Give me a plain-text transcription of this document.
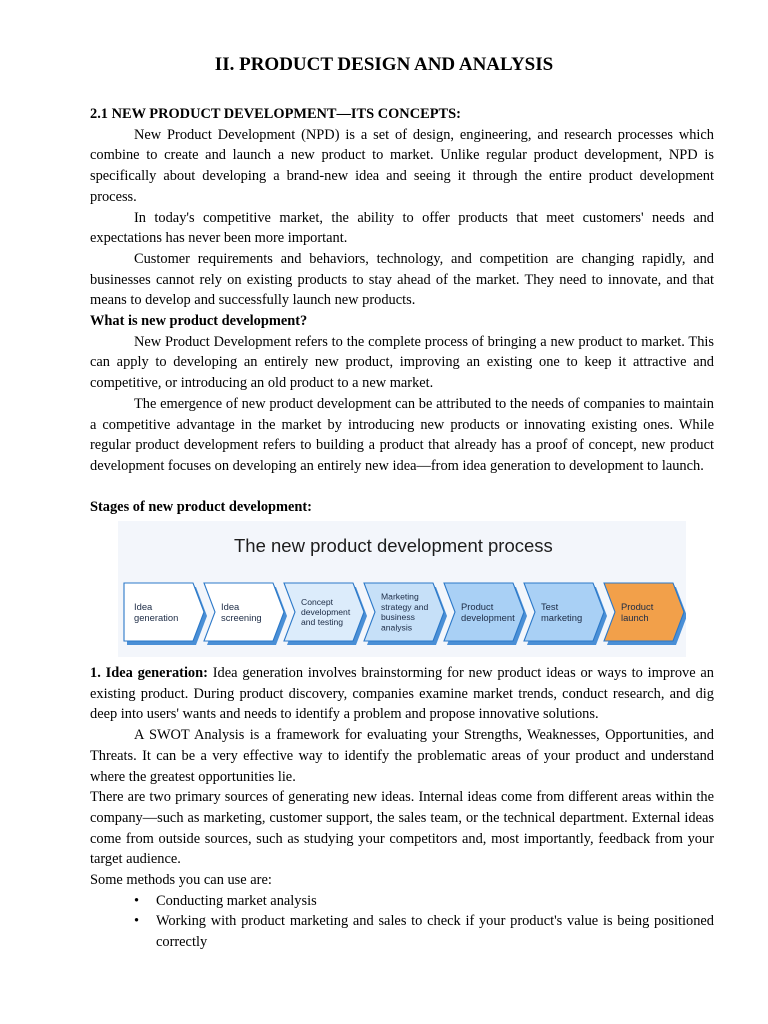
II. PRODUCT DESIGN AND ANALYSIS

2.1 NEW PRODUCT DEVELOPMENT—ITS CONCEPTS:

New Product Development (NPD) is a set of design, engineering, and research processes which combine to create and launch a new product to market. Unlike regular product development, NPD is specifically about developing a brand-new idea and seeing it through the entire product development process.

In today's competitive market, the ability to offer products that meet customers' needs and expectations has never been more important.

Customer requirements and behaviors, technology, and competition are changing rapidly, and businesses cannot rely on existing products to stay ahead of the market. They need to innovate, and that means to develop and successfully launch new products.

What is new product development?

New Product Development refers to the complete process of bringing a new product to market. This can apply to developing an entirely new product, improving an existing one to keep it attractive and competitive, or introducing an old product to a new market.

The emergence of new product development can be attributed to the needs of companies to maintain a competitive advantage in the market by introducing new products or innovating existing ones. While regular product development refers to building a product that already has a proof of concept, new product development focuses on developing an entirely new idea—from idea generation to development to launch.

Stages of new product development:

The new product development process
Idea
generation
Idea
screening
Concept
development
and testing
Marketing
strategy and
business
analysis
Product
development
Test
marketing
Product
launch

1. Idea generation: Idea generation involves brainstorming for new product ideas or ways to improve an existing product. During product discovery, companies examine market trends, conduct research, and dig deep into users' wants and needs to identify a problem and propose innovative solutions.

A SWOT Analysis is a framework for evaluating your Strengths, Weaknesses, Opportunities, and Threats. It can be a very effective way to identify the problematic areas of your product and understand where the greatest opportunities lie.

There are two primary sources of generating new ideas. Internal ideas come from different areas within the company—such as marketing, customer support, the sales team, or the technical department. External ideas come from outside sources, such as studying your competitors and, most importantly, feedback from your target audience.

Some methods you can use are:

• Conducting market analysis
• Working with product marketing and sales to check if your product's value is being positioned correctly
